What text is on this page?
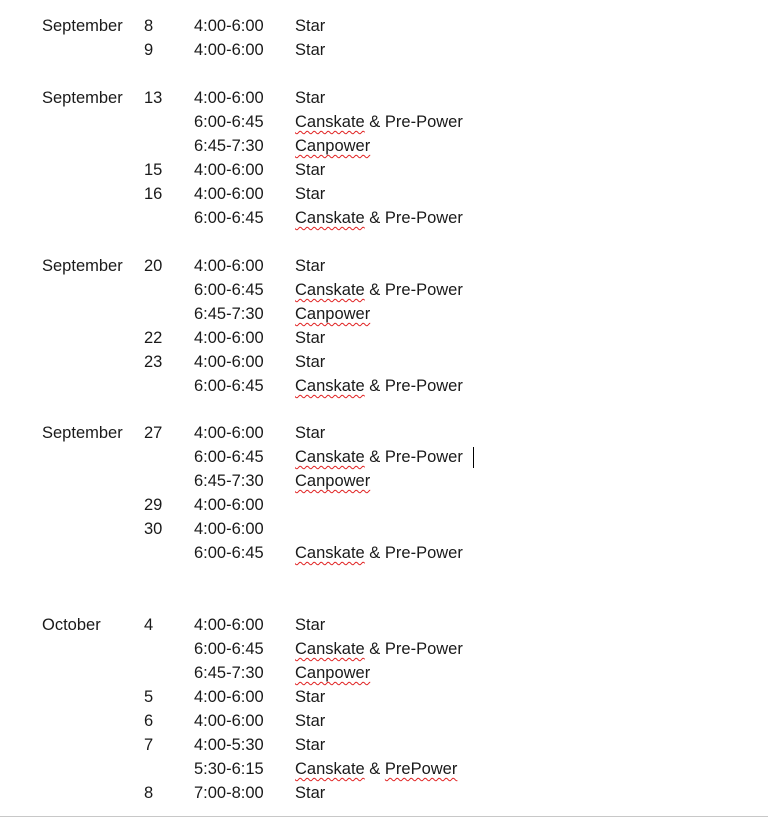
September 8 4:00-6:00 Star
9 4:00-6:00 Star
September 13 4:00-6:00 Star
6:00-6:45 Canskate & Pre-Power
6:45-7:30 Canpower
15 4:00-6:00 Star
16 4:00-6:00 Star
6:00-6:45 Canskate & Pre-Power
September 20 4:00-6:00 Star
6:00-6:45 Canskate & Pre-Power
6:45-7:30 Canpower
22 4:00-6:00 Star
23 4:00-6:00 Star
6:00-6:45 Canskate & Pre-Power
September 27 4:00-6:00 Star
6:00-6:45 Canskate & Pre-Power
6:45-7:30 Canpower
29 4:00-6:00
30 4:00-6:00
6:00-6:45 Canskate & Pre-Power
October	4 4:00-6:00 Star
6:00-6:45 Canskate & Pre-Power
6:45-7:30 Canpower
5 4:00-6:00 Star
6 4:00-6:00 Star
7 4:00-5:30 Star
5:30-6:15 Canskate & PrePower
8 7:00-8:00 Star
